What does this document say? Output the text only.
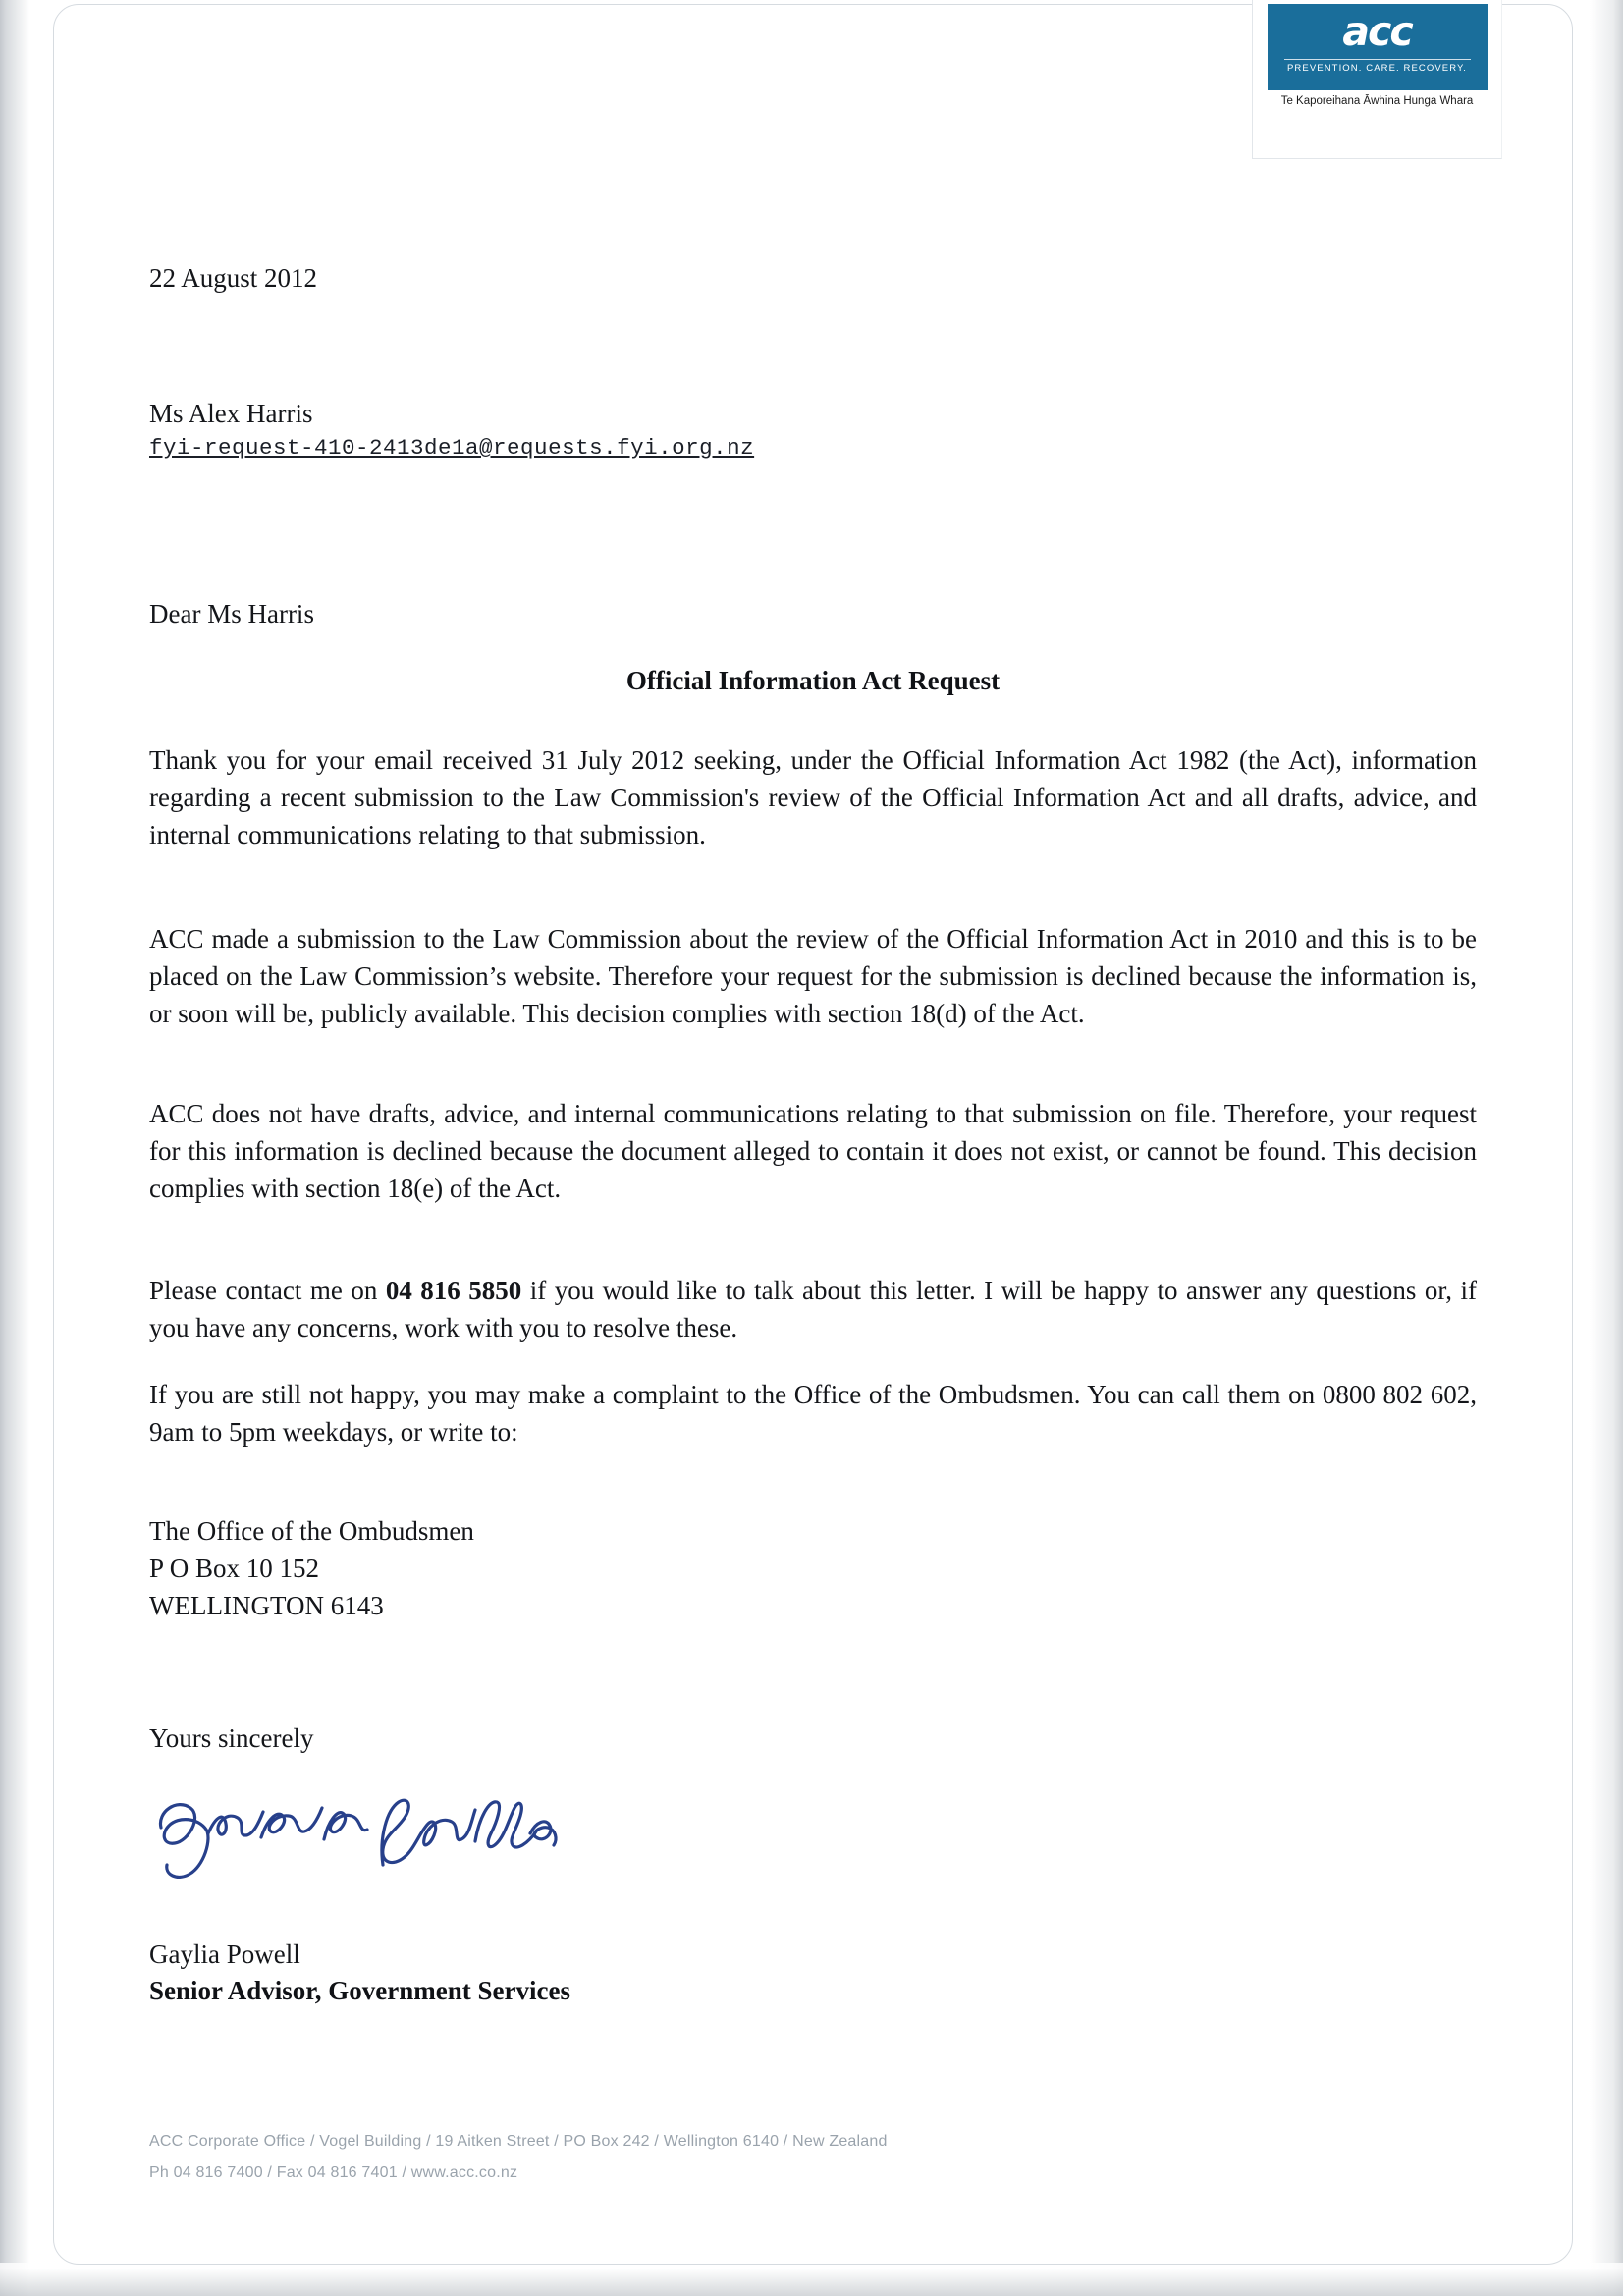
acc
PREVENTION. CARE. RECOVERY.
Te Kaporeihana Āwhina Hunga Whara
22 August 2012
Ms Alex Harris
fyi-request-410-2413de1a@requests.fyi.org.nz
Dear Ms Harris
Official Information Act Request

Thank you for your email received 31 July 2012 seeking, under the Official Information Act 1982 (the Act), information regarding a recent submission to the Law Commission's review of the Official Information Act and all drafts, advice, and internal communications relating to that submission.

ACC made a submission to the Law Commission about the review of the Official Information Act in 2010 and this is to be placed on the Law Commission’s website. Therefore your request for the submission is declined because the information is, or soon will be, publicly available. This decision complies with section 18(d) of the Act.

ACC does not have drafts, advice, and internal communications relating to that submission on file. Therefore, your request for this information is declined because the document alleged to contain it does not exist, or cannot be found. This decision complies with section 18(e) of the Act.

Please contact me on 04 816 5850 if you would like to talk about this letter. I will be happy to answer any questions or, if you have any concerns, work with you to resolve these.

If you are still not happy, you may make a complaint to the Office of the Ombudsmen. You can call them on 0800 802 602, 9am to 5pm weekdays, or write to:

The Office of the Ombudsmen
P O Box 10 152
WELLINGTON 6143
Yours sincerely
Gaylia Powell
Senior Advisor, Government Services
ACC Corporate Office / Vogel Building / 19 Aitken Street / PO Box 242 / Wellington 6140 / New Zealand
Ph 04 816 7400 / Fax 04 816 7401 / www.acc.co.nz
